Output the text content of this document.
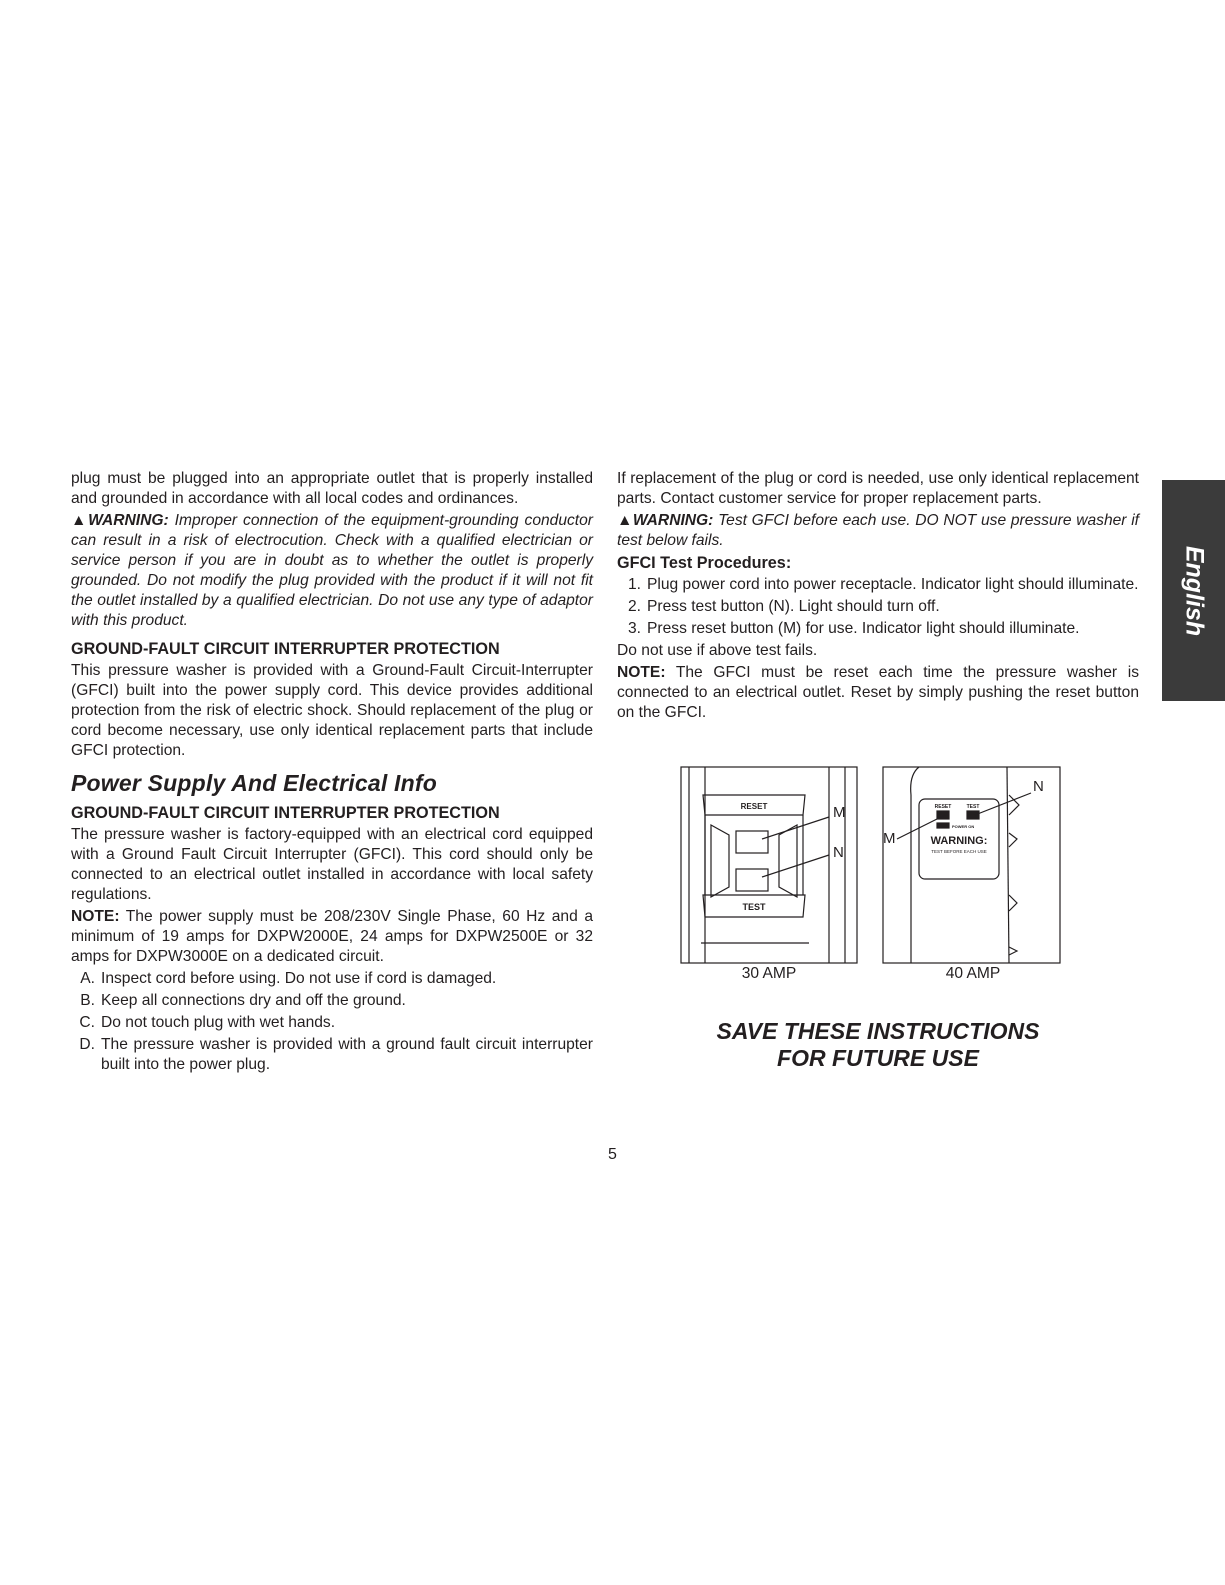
English

plug must be plugged into an appropriate outlet that is properly installed and grounded in accordance with all local codes and ordinances.

▲WARNING: Improper connection of the equipment-grounding conductor can result in a risk of electrocution. Check with a qualified electrician or service person if you are in doubt as to whether the outlet is properly grounded. Do not modify the plug provided with the product if it will not fit the outlet installed by a qualified electrician. Do not use any type of adaptor with this product.

GROUND-FAULT CIRCUIT INTERRUPTER PROTECTION

This pressure washer is provided with a Ground-Fault Circuit-Interrupter (GFCI) built into the power supply cord. This device provides additional protection from the risk of electric shock. Should replacement of the plug or cord become necessary, use only identical replacement parts that include GFCI protection.

Power Supply And Electrical Info
GROUND-FAULT CIRCUIT INTERRUPTER PROTECTION

The pressure washer is factory-equipped with an electrical cord equipped with a Ground Fault Circuit Interrupter (GFCI). This cord should only be connected to an electrical outlet installed in accordance with local safety regulations.

NOTE: The power supply must be 208/230V Single Phase, 60 Hz and a minimum of 19 amps for DXPW2000E, 24 amps for DXPW2500E or 32 amps for DXPW3000E on a dedicated circuit.

A. Inspect cord before using. Do not use if cord is damaged.
B. Keep all connections dry and off the ground.
C. Do not touch plug with wet hands.
D. The pressure washer is provided with a ground fault circuit interrupter built into the power plug.

If replacement of the plug or cord is needed, use only identical replacement parts. Contact customer service for proper replacement parts.

▲WARNING: Test GFCI before each use. DO NOT use pressure washer if test below fails.

GFCI Test Procedures:
1. Plug power cord into power receptacle. Indicator light should illuminate.
2. Press test button (N). Light should turn off.
3. Press reset button (M) for use. Indicator light should illuminate.

Do not use if above test fails.

NOTE: The GFCI must be reset each time the pressure washer is connected to an electrical outlet. Reset by simply pushing the reset button on the GFCI.

RESET
TEST
M
N
RESET	TEST
POWER ON
WARNING:
TEST BEFORE EACH USE
M
N
30 AMP	40 AMP
SAVE THESE INSTRUCTIONS
FOR FUTURE USE
5
